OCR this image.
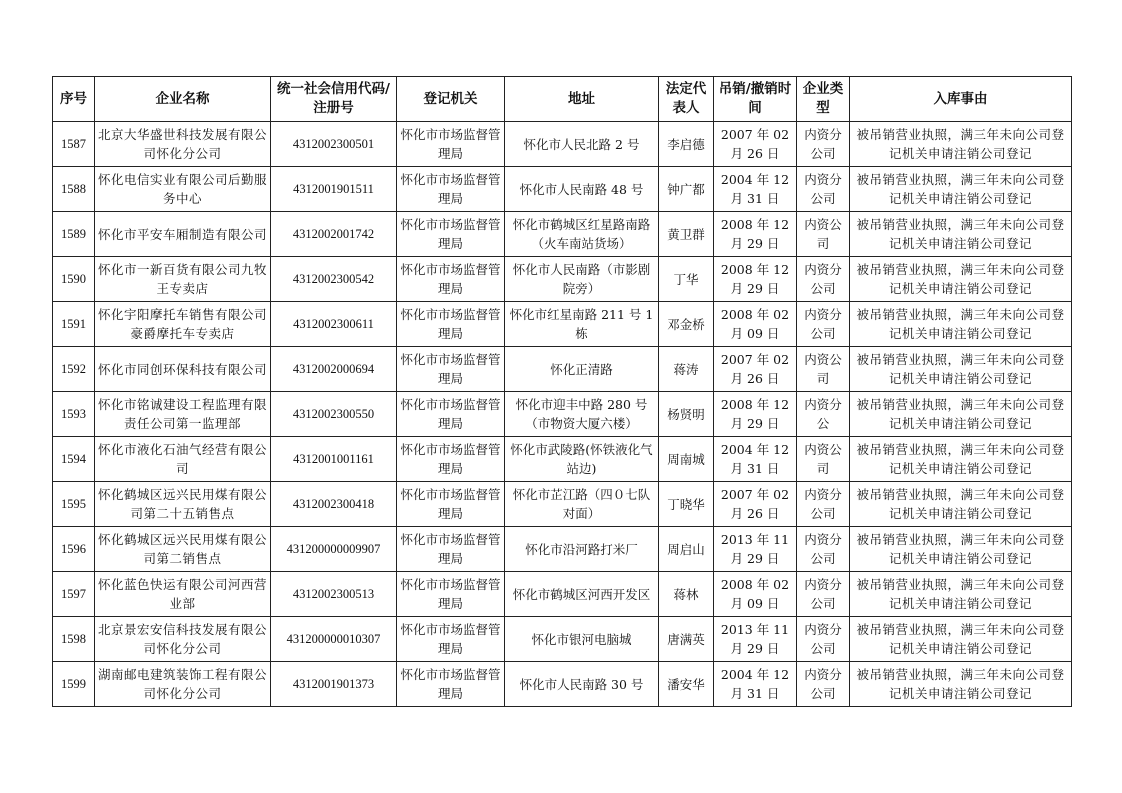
序号	企业名称	统一社会信用代码/注册号	登记机关	地址	法定代表人	吊销/撤销时间	企业类型	入库事由
1587	北京大华盛世科技发展有限公司怀化分公司	4312002300501	怀化市市场监督管理局	怀化市人民北路 2 号	李启德	2007 年 02 月 26 日	内资分公司	被吊销营业执照，满三年未向公司登记机关申请注销公司登记
1588	怀化电信实业有限公司后勤服务中心	4312001901511	怀化市市场监督管理局	怀化市人民南路 48 号	钟广都	2004 年 12 月 31 日	内资分公司	被吊销营业执照，满三年未向公司登记机关申请注销公司登记
1589	怀化市平安车厢制造有限公司	4312002001742	怀化市市场监督管理局	怀化市鹤城区红星路南路（火车南站货场）	黄卫群	2008 年 12 月 29 日	内资公司	被吊销营业执照，满三年未向公司登记机关申请注销公司登记
1590	怀化市一新百货有限公司九牧王专卖店	4312002300542	怀化市市场监督管理局	怀化市人民南路（市影剧院旁）	丁华	2008 年 12 月 29 日	内资分公司	被吊销营业执照，满三年未向公司登记机关申请注销公司登记
1591	怀化宇阳摩托车销售有限公司豪爵摩托车专卖店	4312002300611	怀化市市场监督管理局	怀化市红星南路 211 号 1 栋	邓金桥	2008 年 02 月 09 日	内资分公司	被吊销营业执照，满三年未向公司登记机关申请注销公司登记
1592	怀化市同创环保科技有限公司	4312002000694	怀化市市场监督管理局	怀化正清路	蒋涛	2007 年 02 月 26 日	内资公司	被吊销营业执照，满三年未向公司登记机关申请注销公司登记
1593	怀化市铭诚建设工程监理有限责任公司第一监理部	4312002300550	怀化市市场监督管理局	怀化市迎丰中路 280 号（市物资大厦六楼）	杨贤明	2008 年 12 月 29 日	内资分公	被吊销营业执照，满三年未向公司登记机关申请注销公司登记
1594	怀化市液化石油气经营有限公司	4312001001161	怀化市市场监督管理局	怀化市武陵路(怀铁液化气站边)	周南城	2004 年 12 月 31 日	内资公司	被吊销营业执照，满三年未向公司登记机关申请注销公司登记
1595	怀化鹤城区远兴民用煤有限公司第二十五销售点	4312002300418	怀化市市场监督管理局	怀化市芷江路（四０七队对面）	丁晓华	2007 年 02 月 26 日	内资分公司	被吊销营业执照，满三年未向公司登记机关申请注销公司登记
1596	怀化鹤城区远兴民用煤有限公司第二销售点	431200000009907	怀化市市场监督管理局	怀化市沿河路打米厂	周启山	2013 年 11 月 29 日	内资分公司	被吊销营业执照，满三年未向公司登记机关申请注销公司登记
1597	怀化蓝色快运有限公司河西营业部	4312002300513	怀化市市场监督管理局	怀化市鹤城区河西开发区	蒋林	2008 年 02 月 09 日	内资分公司	被吊销营业执照，满三年未向公司登记机关申请注销公司登记
1598	北京景宏安信科技发展有限公司怀化分公司	431200000010307	怀化市市场监督管理局	怀化市银河电脑城	唐满英	2013 年 11 月 29 日	内资分公司	被吊销营业执照，满三年未向公司登记机关申请注销公司登记
1599	湖南邮电建筑装饰工程有限公司怀化分公司	4312001901373	怀化市市场监督管理局	怀化市人民南路 30 号	潘安华	2004 年 12 月 31 日	内资分公司	被吊销营业执照，满三年未向公司登记机关申请注销公司登记
